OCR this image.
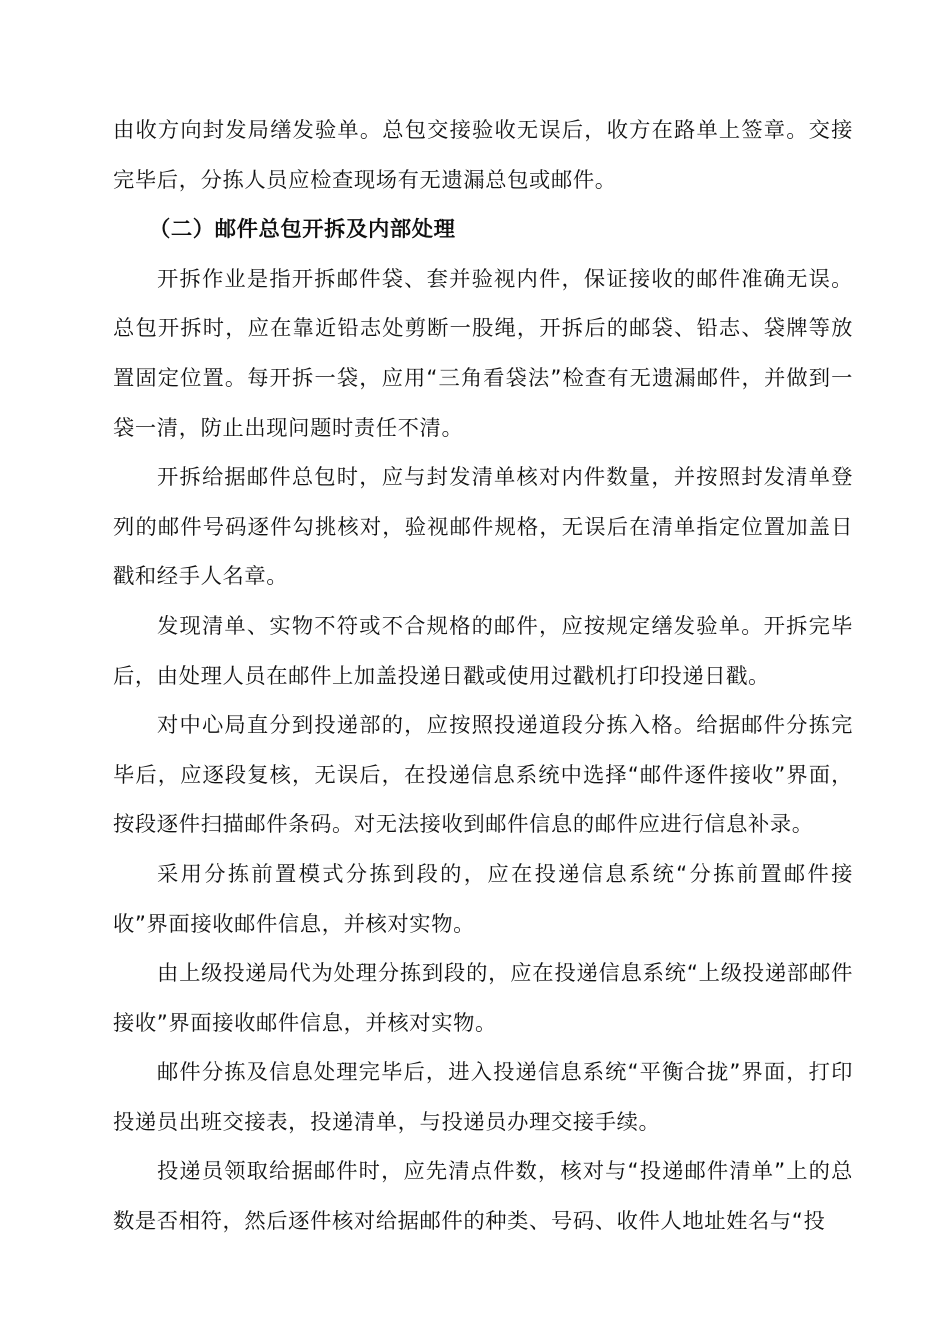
由收方向封发局缮发验单。总包交接验收无误后，收方在路单上签章。交接完毕后，分拣人员应检查现场有无遗漏总包或邮件。

（二）邮件总包开拆及内部处理

开拆作业是指开拆邮件袋、套并验视内件，保证接收的邮件准确无误。总包开拆时，应在靠近铅志处剪断一股绳，开拆后的邮袋、铅志、袋牌等放置固定位置。每开拆一袋，应用“三角看袋法”检查有无遗漏邮件，并做到一袋一清，防止出现问题时责任不清。

开拆给据邮件总包时，应与封发清单核对内件数量，并按照封发清单登列的邮件号码逐件勾挑核对，验视邮件规格，无误后在清单指定位置加盖日戳和经手人名章。

发现清单、实物不符或不合规格的邮件，应按规定缮发验单。开拆完毕后，由处理人员在邮件上加盖投递日戳或使用过戳机打印投递日戳。

对中心局直分到投递部的，应按照投递道段分拣入格。给据邮件分拣完毕后，应逐段复核，无误后，在投递信息系统中选择“邮件逐件接收”界面，按段逐件扫描邮件条码。对无法接收到邮件信息的邮件应进行信息补录。

采用分拣前置模式分拣到段的，应在投递信息系统“分拣前置邮件接收”界面接收邮件信息，并核对实物。

由上级投递局代为处理分拣到段的，应在投递信息系统“上级投递部邮件接收”界面接收邮件信息，并核对实物。

邮件分拣及信息处理完毕后，进入投递信息系统“平衡合拢”界面，打印投递员出班交接表，投递清单，与投递员办理交接手续。

投递员领取给据邮件时，应先清点件数，核对与“投递邮件清单”上的总数是否相符，然后逐件核对给据邮件的种类、号码、收件人地址姓名与“投
